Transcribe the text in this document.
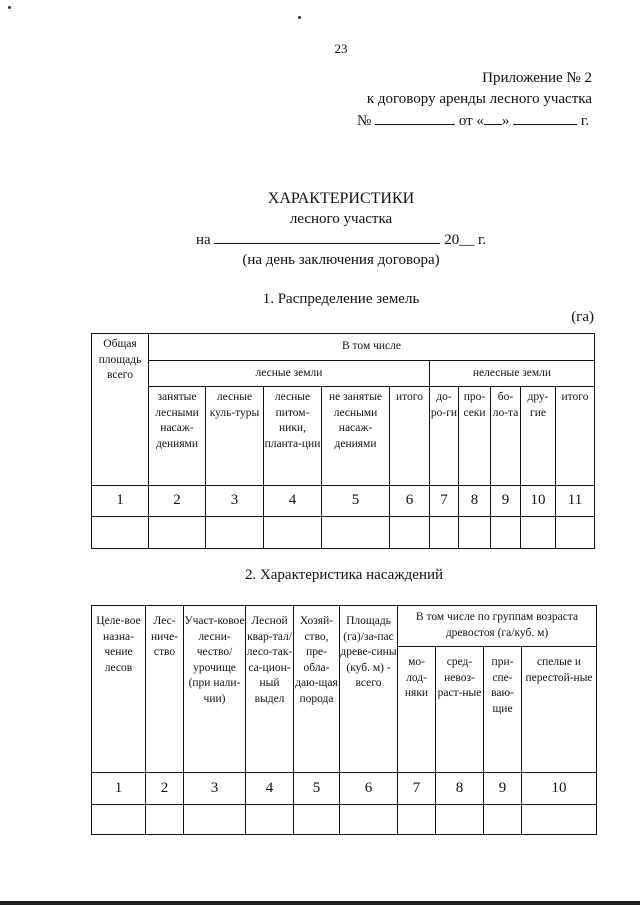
23
Приложение № 2
к договору аренды лесного участка
№	от « »	г.
ХАРАКТЕРИСТИКИ
лесного участка
на	20__ г.
(на день заключения договора)
1. Распределение земель
(га)
Общая площадь всего	В том числе									
	лесные земли					нелесные земли				

	занятые лесными насаж-дениями	лесные куль-туры	лесные питом-ники, планта-ции	не занятые лесными насаж-дениями	итого	до-ро-ги	про-секи	бо-ло-та	дру-гие	итого

1	2	3	4	5	6	7	8	9	10	11

2. Характеристика насаждений
Целе-вое назна-чение лесов	Лес-ниче-ство	Участ-ковое лесни-чество/ урочище (при нали-чии)	Лесной квар-тал/ лесо-так-са-цион-ный выдел	Хозяй-ство, пре-обла-даю-щая порода	Площадь (га)/за-пас древе-сины (куб. м) - всего	В том числе по группам возраста древостоя (га/куб. м)			

						мо-лод-няки	сред-невоз-раст-ные	при-спе-ваю-щие	спелые и перестой-ные

1	2	3	4	5	6	7	8	9	10
